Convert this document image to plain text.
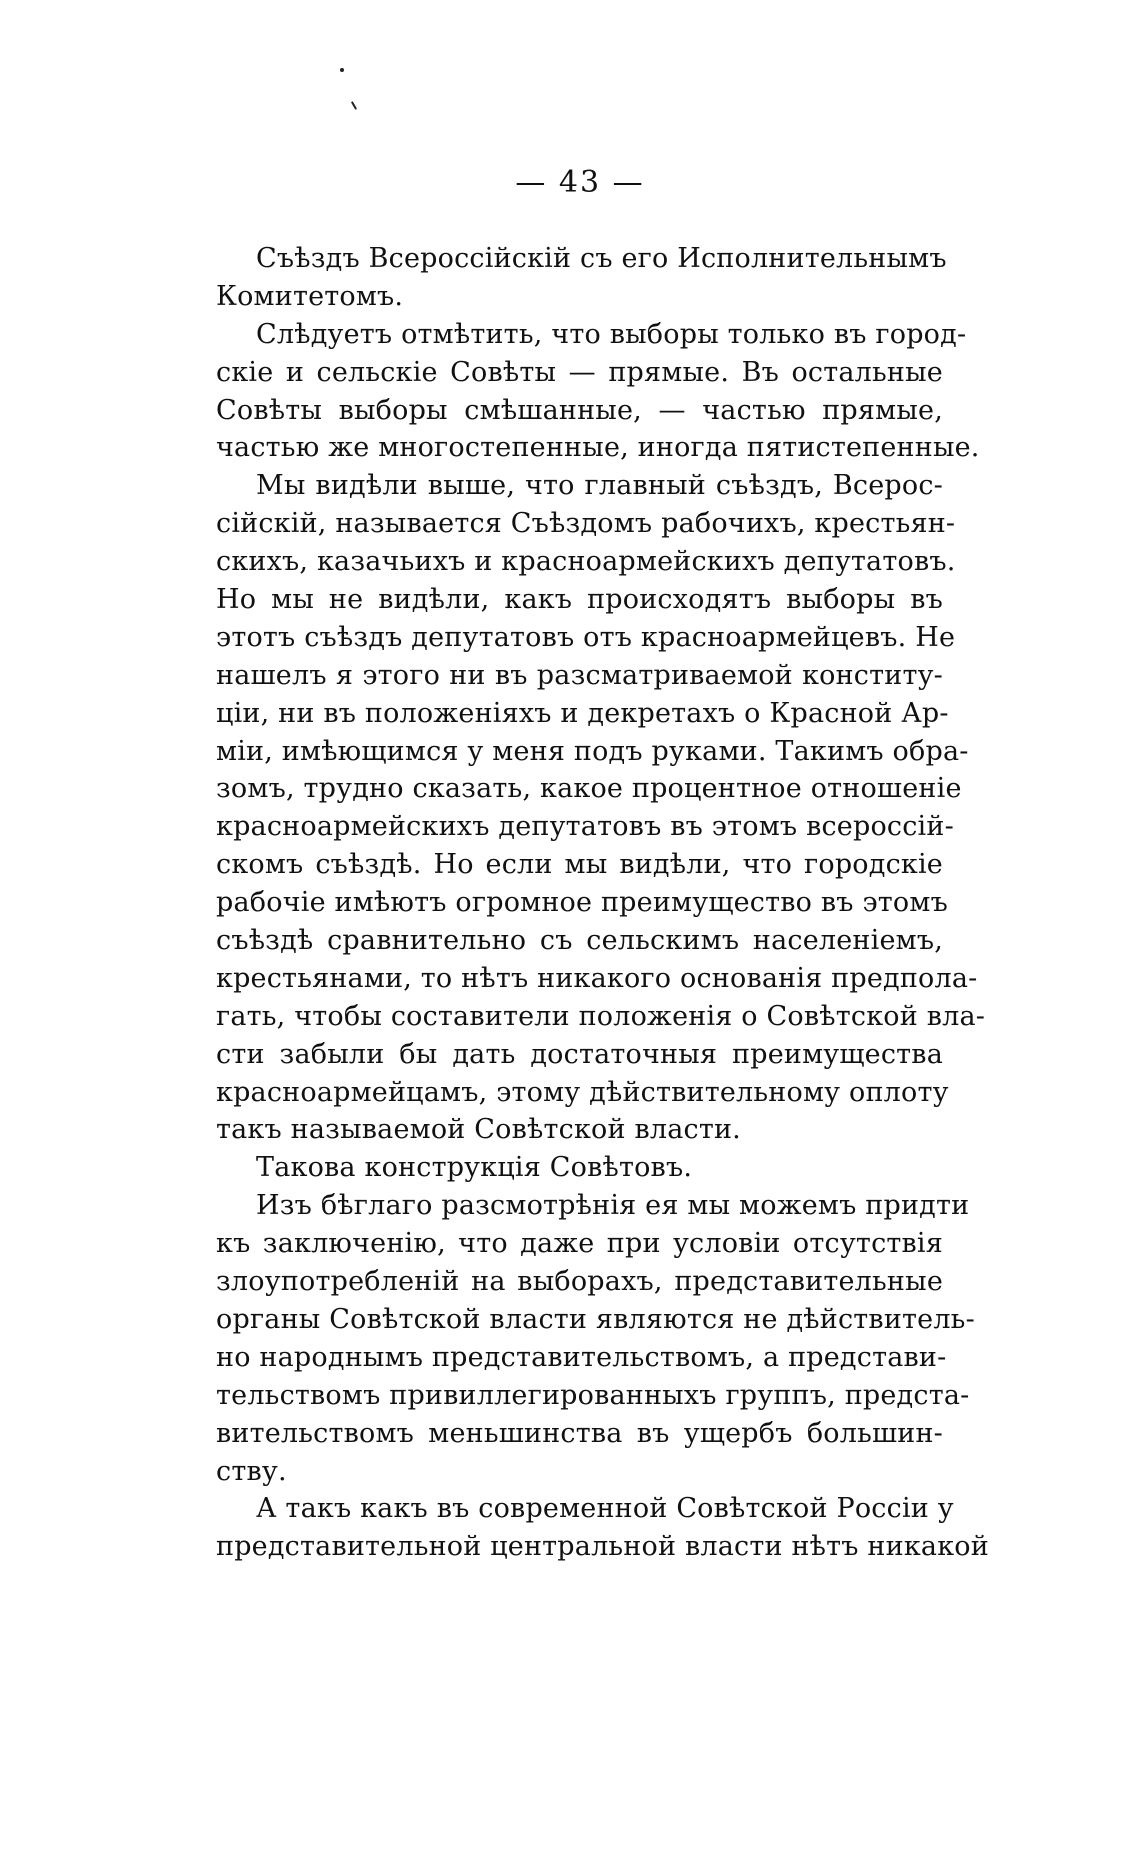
— 43 —
Съѣздъ Всероссійскій съ его Исполнительнымъ
Комитетомъ.
Слѣдуетъ отмѣтить, что выборы только въ город-
скіе и сельскіе Совѣты — прямые. Въ остальные
Совѣты выборы смѣшанные, — частью прямые,
частью же многостепенные, иногда пятистепенные.
Мы видѣли выше, что главный съѣздъ, Всерос-
сійскій, называется Съѣздомъ рабочихъ, крестьян-
скихъ, казачьихъ и красноармейскихъ депутатовъ.
Но мы не видѣли, какъ происходятъ выборы въ
этотъ съѣздъ депутатовъ отъ красноармейцевъ. Не
нашелъ я этого ни въ разсматриваемой конститу-
ціи, ни въ положеніяхъ и декретахъ о Красной Ар-
міи, имѣющимся у меня подъ руками. Такимъ обра-
зомъ, трудно сказать, какое процентное отношеніе
красноармейскихъ депутатовъ въ этомъ всероссій-
скомъ съѣздѣ. Но если мы видѣли, что городскіе
рабочіе имѣютъ огромное преимущество въ этомъ
съѣздѣ сравнительно съ сельскимъ населеніемъ,
крестьянами, то нѣтъ никакого основанія предпола-
гать, чтобы составители положенія о Совѣтской вла-
сти забыли бы дать достаточныя преимущества
красноармейцамъ, этому дѣйствительному оплоту
такъ называемой Совѣтской власти.
Такова конструкція Совѣтовъ.
Изъ бѣглаго разсмотрѣнія ея мы можемъ придти
къ заключенію, что даже при условіи отсутствія
злоупотребленій на выборахъ, представительные
органы Совѣтской власти являются не дѣйствитель-
но народнымъ представительствомъ, а представи-
тельствомъ привиллегированныхъ группъ, предста-
вительствомъ меньшинства въ ущербъ большин-
ству.
А такъ какъ въ современной Совѣтской Россіи у
представительной центральной власти нѣтъ никакой
